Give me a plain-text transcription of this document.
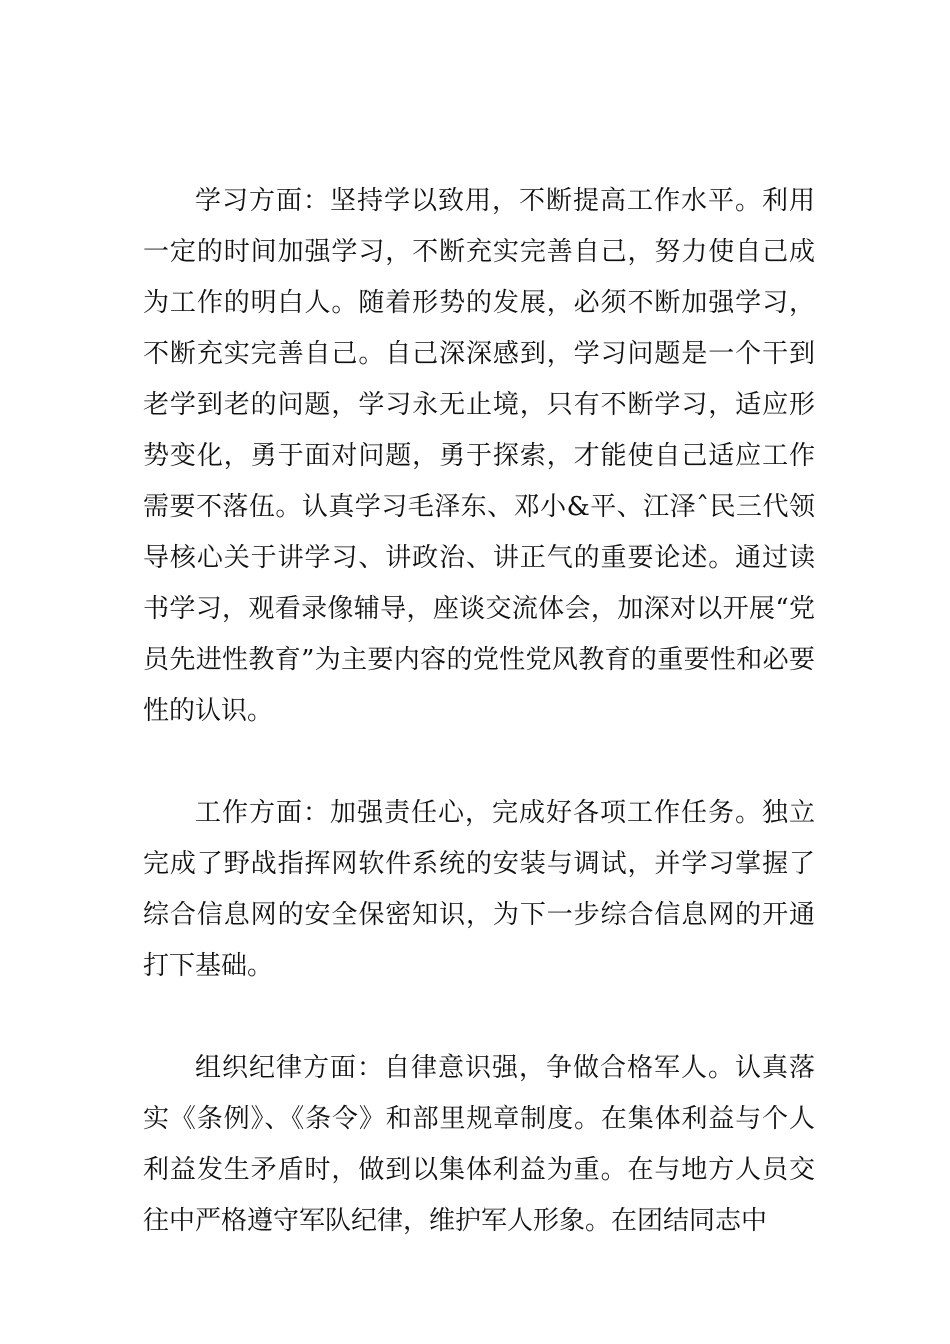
学习方面：坚持学以致用，不断提高工作水平。利用一定的时间加强学习，不断充实完善自己，努力使自己成为工作的明白人。随着形势的发展，必须不断加强学习，不断充实完善自己。自己深深感到，学习问题是一个干到老学到老的问题，学习永无止境，只有不断学习，适应形势变化，勇于面对问题，勇于探索，才能使自己适应工作需要不落伍。认真学习毛泽东、邓小&平、江泽ˆ民三代领导核心关于讲学习、讲政治、讲正气的重要论述。通过读书学习，观看录像辅导，座谈交流体会，加深对以开展“党员先进性教育”为主要内容的党性党风教育的重要性和必要性的认识。

工作方面：加强责任心，完成好各项工作任务。独立完成了野战指挥网软件系统的安装与调试，并学习掌握了综合信息网的安全保密知识，为下一步综合信息网的开通打下基础。

组织纪律方面：自律意识强，争做合格军人。认真落实《条例》、《条令》和部里规章制度。在集体利益与个人利益发生矛盾时，做到以集体利益为重。在与地方人员交往中严格遵守军队纪律，维护军人形象。在团结同志中
